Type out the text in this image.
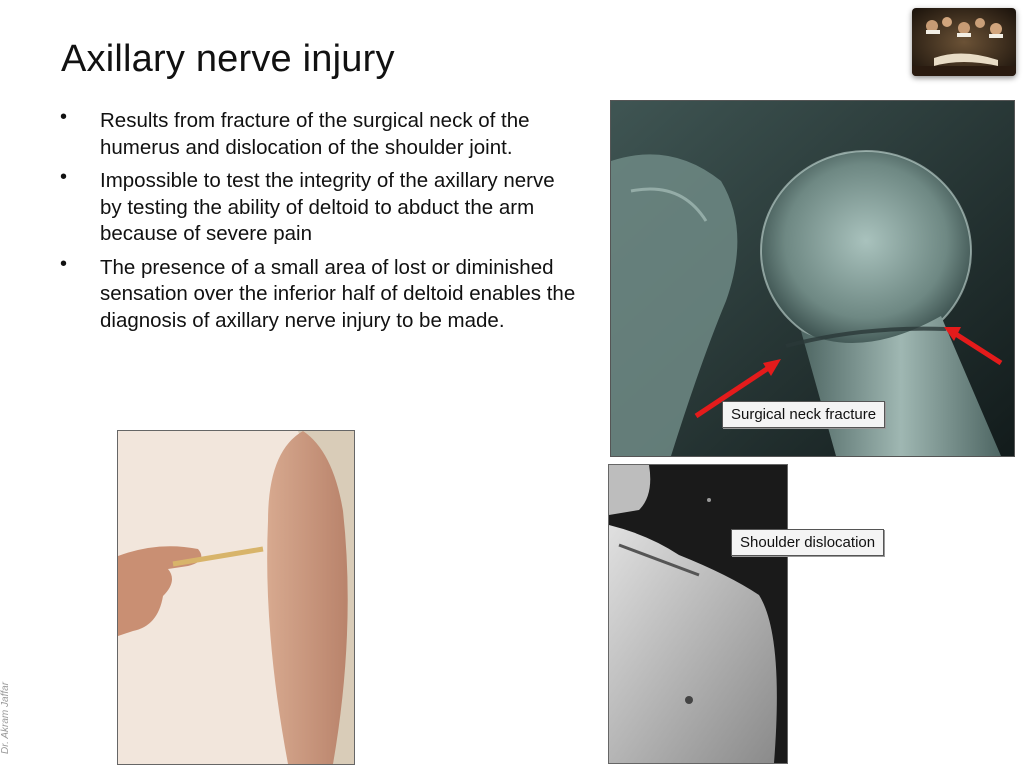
Axillary nerve injury
• Results from fracture of the surgical neck of the humerus and dislocation of the shoulder joint.
• Impossible to test the integrity of the axillary nerve by testing the ability of deltoid to abduct the arm because of severe pain
• The presence of a small area of lost or diminished sensation over the inferior half of deltoid enables the diagnosis of axillary nerve injury to be made.
Surgical neck fracture
Shoulder dislocation
Dr. Akram Jaffar
